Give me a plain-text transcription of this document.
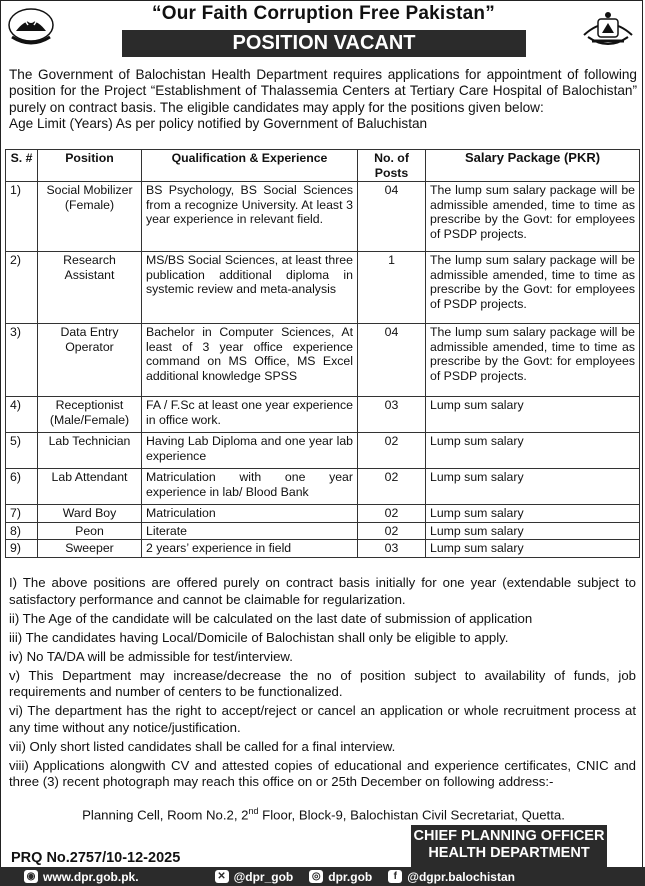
“Our Faith Corruption Free Pakistan”
POSITION VACANT

The Government of Balochistan Health Department requires applications for appointment of following position for the Project “Establishment of Thalassemia Centers at Tertiary Care Hospital of Balochistan” purely on contract basis. The eligible candidates may apply for the positions given below:

Age Limit (Years) As per policy notified by Government of Baluchistan

S. #	Position	Qualification & Experience	No. of Posts	Salary Package (PKR)
1)	Social Mobilizer (Female)	BS Psychology, BS Social Sciences from a recognize University. At least 3 year experience in relevant field.	04	The lump sum salary package will be admissible amended, time to time as prescribe by the Govt: for employees of PSDP projects.
2)	Research Assistant	MS/BS Social Sciences, at least three publication additional diploma in systemic review and meta-analysis	1	The lump sum salary package will be admissible amended, time to time as prescribe by the Govt: for employees of PSDP projects.
3)	Data Entry Operator	Bachelor in Computer Sciences, At least of 3 year office experience command on MS Office, MS Excel additional knowledge SPSS	04	The lump sum salary package will be admissible amended, time to time as prescribe by the Govt: for employees of PSDP projects.
4)	Receptionist (Male/Female)	FA / F.Sc at least one year experience in office work.	03	Lump sum salary
5)	Lab Technician	Having Lab Diploma and one year lab experience	02	Lump sum salary
6)	Lab Attendant	Matriculation with one year experience in lab/ Blood Bank	02	Lump sum salary
7)	Ward Boy	Matriculation	02	Lump sum salary
8)	Peon	Literate	02	Lump sum salary
9)	Sweeper	2 years’ experience in field	03	Lump sum salary

I) The above positions are offered purely on contract basis initially for one year (extendable subject to satisfactory performance and cannot be claimable for regularization.

ii) The Age of the candidate will be calculated on the last date of submission of application

iii) The candidates having Local/Domicile of Balochistan shall only be eligible to apply.

iv) No TA/DA will be admissible for test/interview.

v) This Department may increase/decrease the no of position subject to availability of funds, job requirements and number of centers to be functionalized.

vi) The department has the right to accept/reject or cancel an application or whole recruitment process at any time without any notice/justification.

vii) Only short listed candidates shall be called for a final interview.

viii) Applications alongwith CV and attested copies of educational and experience certificates, CNIC and three (3) recent photograph may reach this office on or 25th December on following address:-

Planning Cell, Room No.2, 2nd Floor, Block-9, Balochistan Civil Secretariat, Quetta.
CHIEF PLANNING OFFICER
HEALTH DEPARTMENT
PRQ No.2757/10-12-2025
◉ www.dpr.gob.pk.	✕ @dpr_gob ◎ dpr.gob	f @dgpr.balochistan
